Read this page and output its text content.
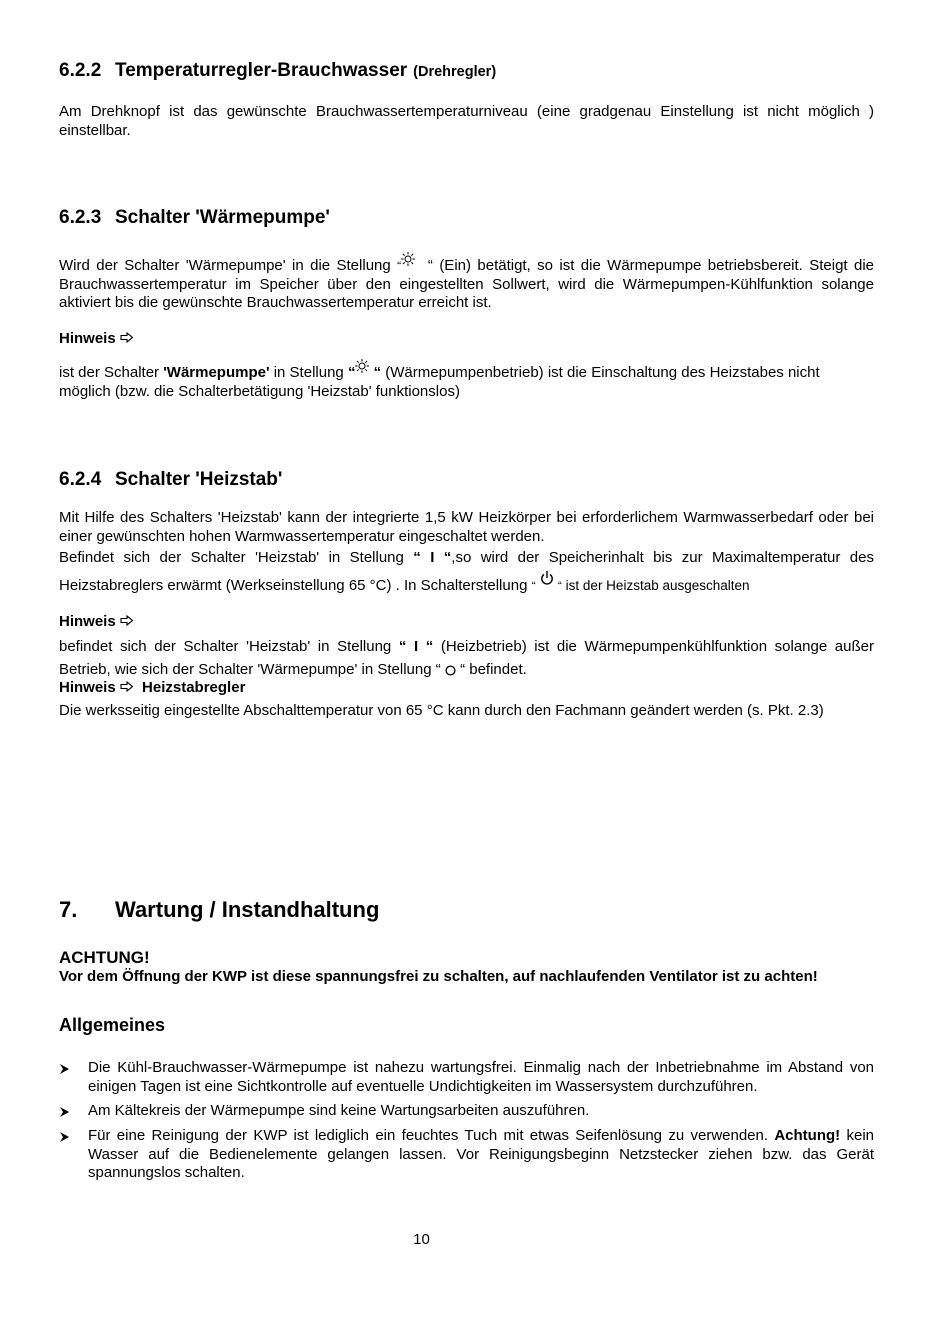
6.2.2 Temperaturregler-Brauchwasser (Drehregler)
Am Drehknopf ist das gewünschte Brauchwassertemperaturniveau (eine gradgenau Einstellung ist nicht möglich ) einstellbar.
6.2.3 Schalter 'Wärmepumpe'
Wird der Schalter 'Wärmepumpe' in die Stellung “  “ (Ein) betätigt, so ist die Wärmepumpe betriebsbereit. Steigt die Brauchwassertemperatur im Speicher über den eingestellten Sollwert, wird die Wärmepumpen-Kühlfunktion solange aktiviert bis die gewünschte Brauchwassertemperatur erreicht ist.
Hinweis
ist der Schalter 'Wärmepumpe' in Stellung “ “ (Wärmepumpenbetrieb) ist die Einschaltung des Heizstabes nicht möglich (bzw. die Schalterbetätigung 'Heizstab' funktionslos)
6.2.4 Schalter 'Heizstab'
Mit Hilfe des Schalters 'Heizstab' kann der integrierte 1,5 kW Heizkörper bei erforderlichem Warmwasserbedarf oder bei einer gewünschten hohen Warmwassertemperatur eingeschaltet werden.
Befindet sich der Schalter 'Heizstab' in Stellung “ I “,so wird der Speicherinhalt bis zur Maximaltemperatur des Heizstabreglers erwärmt (Werkseinstellung 65 °C) . In Schalterstellung “ “ ist der Heizstab ausgeschalten
Hinweis
befindet sich der Schalter 'Heizstab' in Stellung “ I “ (Heizbetrieb) ist die Wärmepumpenkühlfunktion solange außer Betrieb, wie sich der Schalter 'Wärmepumpe' in Stellung “  “ befindet.
Hinweis Heizstabregler
Die werksseitig eingestellte Abschalttemperatur von 65 °C kann durch den Fachmann geändert werden (s. Pkt. 2.3)
7. Wartung / Instandhaltung
ACHTUNG!
Vor dem Öffnung der KWP ist diese spannungsfrei zu schalten, auf nachlaufenden Ventilator ist zu achten!
Allgemeines
Die Kühl-Brauchwasser-Wärmepumpe ist nahezu wartungsfrei. Einmalig nach der Inbetriebnahme im Abstand von einigen Tagen ist eine Sichtkontrolle auf eventuelle Undichtigkeiten im Wassersystem durchzuführen.
Am Kältekreis der Wärmepumpe sind keine Wartungsarbeiten auszuführen.
Für eine Reinigung der KWP ist lediglich ein feuchtes Tuch mit etwas Seifenlösung zu verwenden. Achtung! kein Wasser auf die Bedienelemente gelangen lassen. Vor Reinigungsbeginn Netzstecker ziehen bzw. das Gerät spannungslos schalten.
10
